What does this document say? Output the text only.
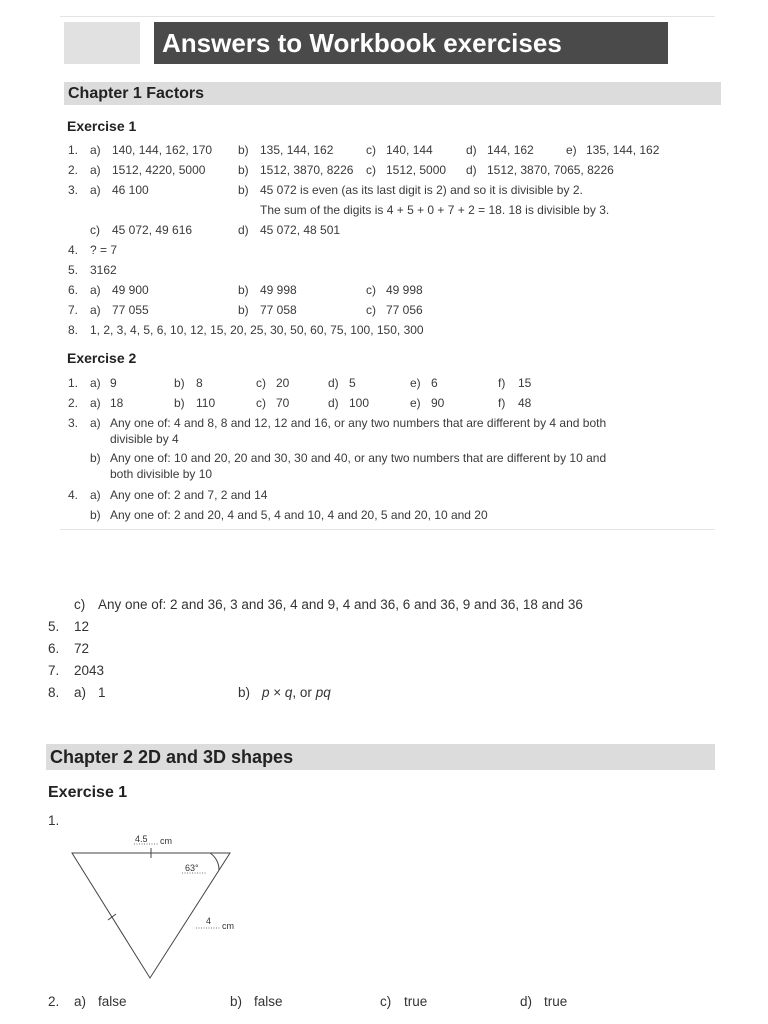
Answers to Workbook exercises
Chapter 1 Factors
Exercise 1
1. a) 140, 144, 162, 170 b) 135, 144, 162	c) 140, 144	d) 144, 162	e) 135, 144, 162
2. a) 1512, 4220, 5000	b) 1512, 3870, 8226 c) 1512, 5000 d) 1512, 3870, 7065, 8226
3. a) 46 100	b) 45 072 is even (as its last digit is 2) and so it is divisible by 2.
The sum of the digits is 4 + 5 + 0 + 7 + 2 = 18. 18 is divisible by 3.
c) 45 072, 49 616	d) 45 072, 48 501
4. ? = 7
5. 3162
6. a) 49 900	b) 49 998	c) 49 998
7. a) 77 055	b) 77 058	c) 77 056
8. 1, 2, 3, 4, 5, 6, 10, 12, 15, 20, 25, 30, 50, 60, 75, 100, 150, 300
Exercise 2
1. a) 9	b) 8	c) 20	d) 5	e) 6	f) 15
2. a) 18	b) 110	c) 70	d) 100	e) 90	f) 48
3. a) Any one of: 4 and 8, 8 and 12, 12 and 16, or any two numbers that are different by 4 and both
divisible by 4
b) Any one of: 10 and 20, 20 and 30, 30 and 40, or any two numbers that are different by 10 and
both divisible by 10
4. a) Any one of: 2 and 7, 2 and 14
b) Any one of: 2 and 20, 4 and 5, 4 and 10, 4 and 20, 5 and 20, 10 and 20
c) Any one of: 2 and 36, 3 and 36, 4 and 9, 4 and 36, 6 and 36, 9 and 36, 18 and 36
5. 12
6. 72
7. 2043
8. a) 1	b) p × q, or pq
Chapter 2 2D and 3D shapes
Exercise 1
1.
4.5 cm
63°
4 cm
2. a) false	b) false	c) true	d) true
